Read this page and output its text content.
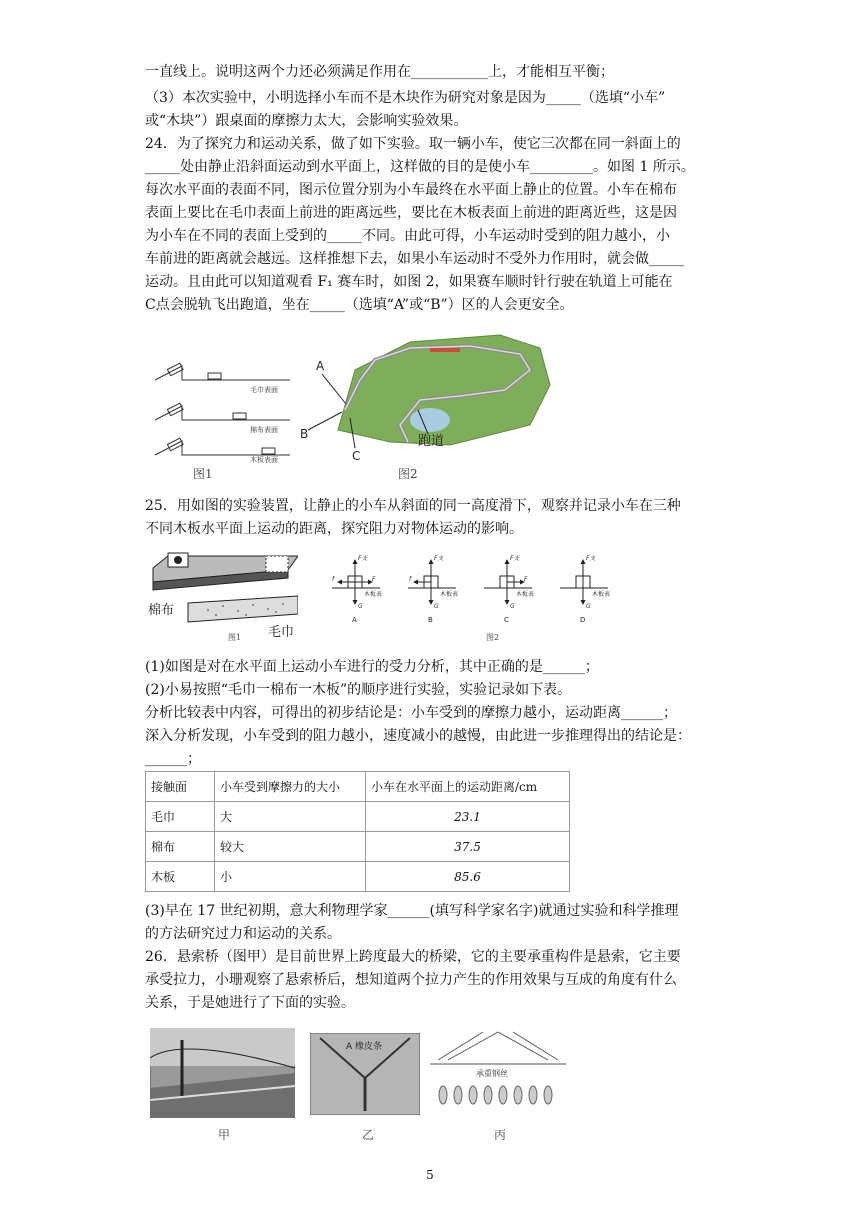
一直线上。说明这两个力还必须满足作用在___________上，才能相互平衡；
（3）本次实验中，小明选择小车而不是木块作为研究对象是因为_____（选填“小车”
或“木块”）跟桌面的摩擦力太大，会影响实验效果。
24．为了探究力和运动关系，做了如下实验。取一辆小车，使它三次都在同一斜面上的
_____处由静止沿斜面运动到水平面上，这样做的目的是使小车_________。如图 1 所示。
每次水平面的表面不同，图示位置分别为小车最终在水平面上静止的位置。小车在棉布
表面上要比在毛巾表面上前进的距离远些，要比在木板表面上前进的距离近些，这是因
为小车在不同的表面上受到的_____不同。由此可得，小车运动时受到的阻力越小，小
车前进的距离就会越远。这样推想下去，如果小车运动时不受外力作用时，就会做_____
运动。且由此可以知道观看 F₁ 赛车时，如图 2，如果赛车顺时针行驶在轨道上可能在
C点会脱轨飞出跑道，坐在_____（选填“A”或“B”）区的人会更安全。
毛巾表面
棉布表面
木板表面
图1
A
B
C
跑道
图2
25．用如图的实验装置，让静止的小车从斜面的同一高度滑下，观察并记录小车在三种
不同木板水平面上运动的距离，探究阻力对物体运动的影响。
棉布
毛巾
图1
F支
G
f	F
F支
G
f
F支
G
F
F支
G
木板表	木板表	木板表	木板表
A	B	C	D
图2
(1)如图是对在水平面上运动小车进行的受力分析，其中正确的是______；
(2)小易按照“毛巾一棉布一木板”的顺序进行实验，实验记录如下表。
分析比较表中内容，可得出的初步结论是：小车受到的摩擦力越小，运动距离______；
深入分析发现，小车受到的阻力越小，速度减小的越慢，由此进一步推理得出的结论是：
______；
接触面	小车受到摩擦力的大小	小车在水平面上的运动距离/cm
毛巾	大	23.1
棉布	较大	37.5
木板	小	85.6
(3)早在 17 世纪初期，意大利物理学家______(填写科学家名字)就通过实验和科学推理
的方法研究过力和运动的关系。
26．悬索桥（图甲）是目前世界上跨度最大的桥梁，它的主要承重构件是悬索，它主要
承受拉力，小珊观察了悬索桥后，想知道两个拉力产生的作用效果与互成的角度有什么
关系，于是她进行了下面的实验。
A 橡皮条
承重钢丝
甲	乙	丙
5
